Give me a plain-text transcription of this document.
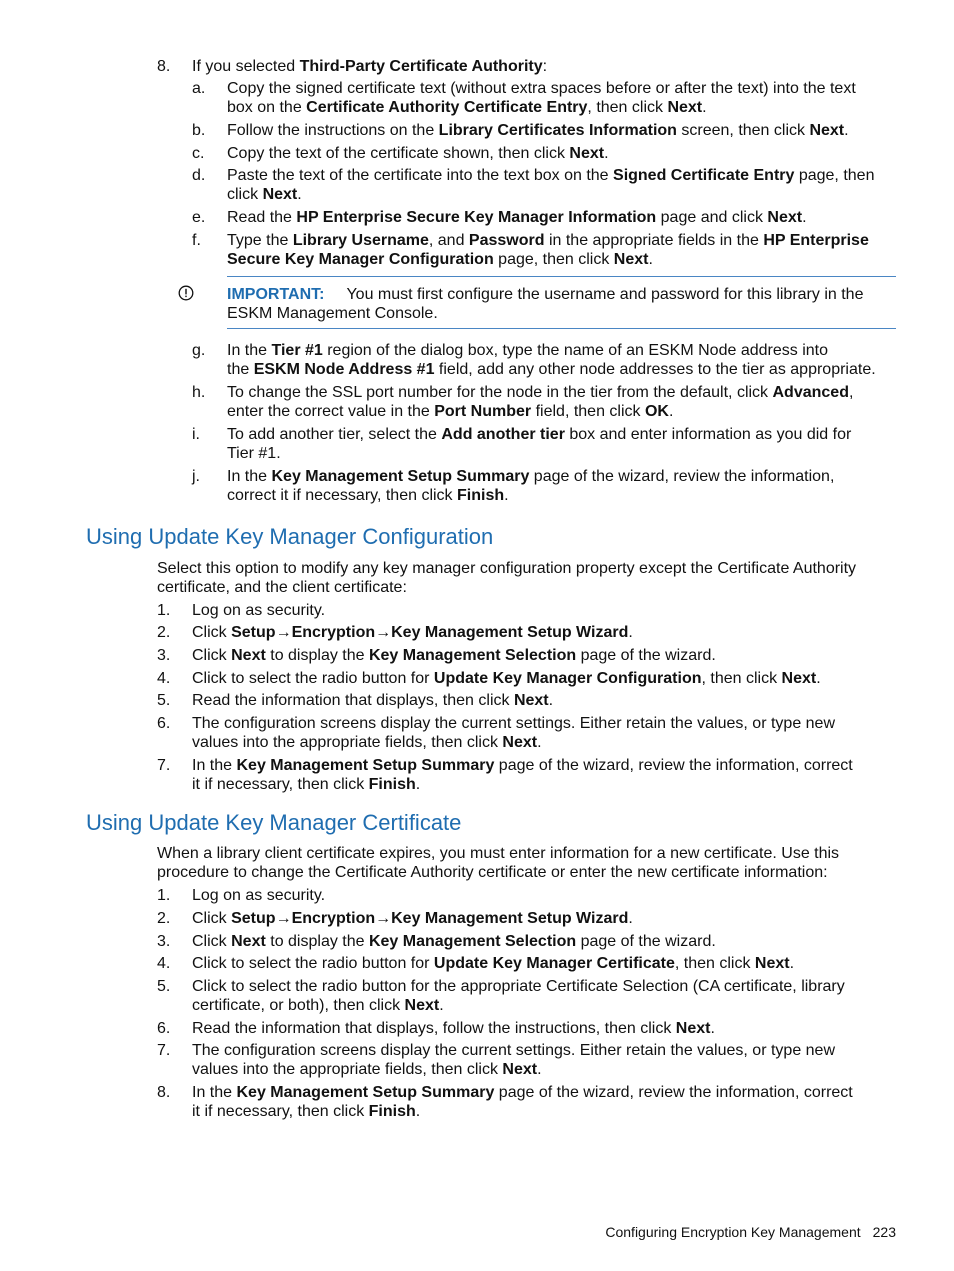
8.	If you selected Third-Party Certificate Authority:
a.	Copy the signed certificate text (without extra spaces before or after the text) into the text
box on the Certificate Authority Certificate Entry, then click Next.
b.	Follow the instructions on the Library Certificates Information screen, then click Next.
c.	Copy the text of the certificate shown, then click Next.
d.	Paste the text of the certificate into the text box on the Signed Certificate Entry page, then
click Next.
e.	Read the HP Enterprise Secure Key Manager Information page and click Next.
f.	Type the Library Username, and Password in the appropriate fields in the HP Enterprise
Secure Key Manager Configuration page, then click Next.
IMPORTANT: You must first configure the username and password for this library in the
ESKM Management Console.
g.	In the Tier #1 region of the dialog box, type the name of an ESKM Node address into
the ESKM Node Address #1 field, add any other node addresses to the tier as appropriate.
h.	To change the SSL port number for the node in the tier from the default, click Advanced,
enter the correct value in the Port Number field, then click OK.
i.	To add another tier, select the Add another tier box and enter information as you did for
Tier #1.
j.	In the Key Management Setup Summary page of the wizard, review the information,
correct it if necessary, then click Finish.
Using Update Key Manager Configuration
Select this option to modify any key manager configuration property except the Certificate Authority
certificate, and the client certificate:
1.	Log on as security.
2.	Click Setup→Encryption→Key Management Setup Wizard.
3.	Click Next to display the Key Management Selection page of the wizard.
4.	Click to select the radio button for Update Key Manager Configuration, then click Next.
5.	Read the information that displays, then click Next.
6.	The configuration screens display the current settings. Either retain the values, or type new
values into the appropriate fields, then click Next.
7.	In the Key Management Setup Summary page of the wizard, review the information, correct
it if necessary, then click Finish.
Using Update Key Manager Certificate
When a library client certificate expires, you must enter information for a new certificate. Use this
procedure to change the Certificate Authority certificate or enter the new certificate information:
1.	Log on as security.
2.	Click Setup→Encryption→Key Management Setup Wizard.
3.	Click Next to display the Key Management Selection page of the wizard.
4.	Click to select the radio button for Update Key Manager Certificate, then click Next.
5.	Click to select the radio button for the appropriate Certificate Selection (CA certificate, library
certificate, or both), then click Next.
6.	Read the information that displays, follow the instructions, then click Next.
7.	The configuration screens display the current settings. Either retain the values, or type new
values into the appropriate fields, then click Next.
8.	In the Key Management Setup Summary page of the wizard, review the information, correct
it if necessary, then click Finish.
Configuring Encryption Key Management 223
